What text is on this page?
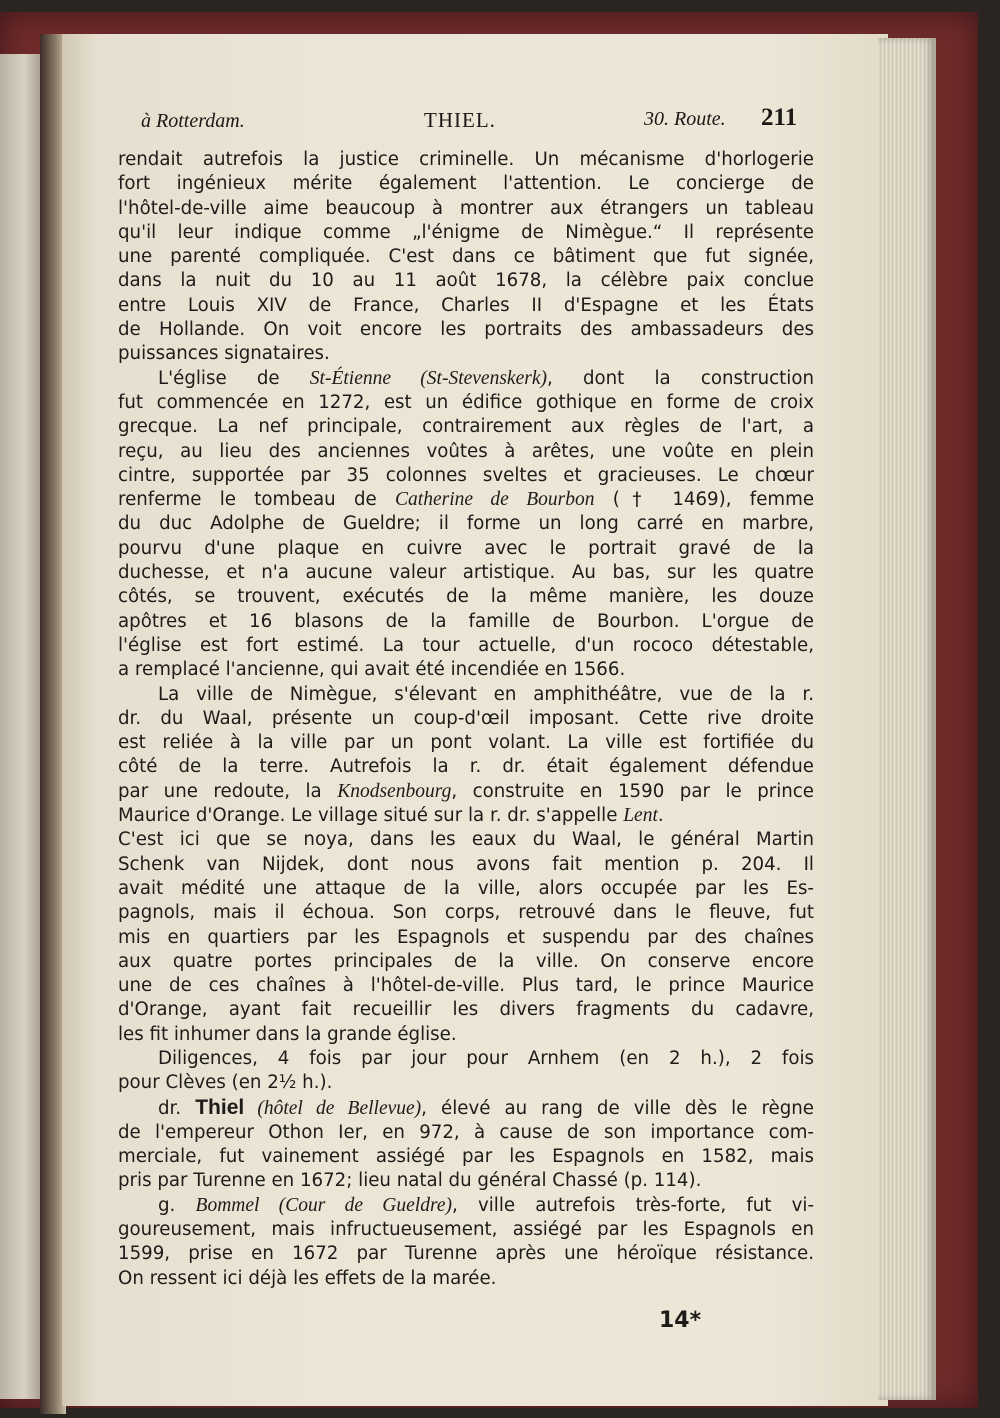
à Rotterdam.	THIEL.	30. Route. 211
rendait autrefois la justice criminelle. Un mécanisme d'horlogerie
fort ingénieux mérite également l'attention. Le concierge de
l'hôtel-de-ville aime beaucoup à montrer aux étrangers un tableau
qu'il leur indique comme „l'énigme de Nimègue.“ Il représente
une parenté compliquée. C'est dans ce bâtiment que fut signée,
dans la nuit du 10 au 11 août 1678, la célèbre paix conclue
entre Louis XIV de France, Charles II d'Espagne et les États
de Hollande. On voit encore les portraits des ambassadeurs des
puissances signataires.
L'église de St-Étienne (St-Stevenskerk), dont la construction
fut commencée en 1272, est un édifice gothique en forme de croix
grecque. La nef principale, contrairement aux règles de l'art, a
reçu, au lieu des anciennes voûtes à arêtes, une voûte en plein
cintre, supportée par 35 colonnes sveltes et gracieuses. Le chœur
renferme le tombeau de Catherine de Bourbon († 1469), femme
du duc Adolphe de Gueldre; il forme un long carré en marbre,
pourvu d'une plaque en cuivre avec le portrait gravé de la
duchesse, et n'a aucune valeur artistique. Au bas, sur les quatre
côtés, se trouvent, exécutés de la même manière, les douze
apôtres et 16 blasons de la famille de Bourbon. L'orgue de
l'église est fort estimé. La tour actuelle, d'un rococo détestable,
a remplacé l'ancienne, qui avait été incendiée en 1566.
La ville de Nimègue, s'élevant en amphithéâtre, vue de la r.
dr. du Waal, présente un coup-d'œil imposant. Cette rive droite
est reliée à la ville par un pont volant. La ville est fortifiée du
côté de la terre. Autrefois la r. dr. était également défendue
par une redoute, la Knodsenbourg, construite en 1590 par le prince
Maurice d'Orange. Le village situé sur la r. dr. s'appelle Lent.
C'est ici que se noya, dans les eaux du Waal, le général Martin
Schenk van Nijdek, dont nous avons fait mention p. 204. Il
avait médité une attaque de la ville, alors occupée par les Es-
pagnols, mais il échoua. Son corps, retrouvé dans le fleuve, fut
mis en quartiers par les Espagnols et suspendu par des chaînes
aux quatre portes principales de la ville. On conserve encore
une de ces chaînes à l'hôtel-de-ville. Plus tard, le prince Maurice
d'Orange, ayant fait recueillir les divers fragments du cadavre,
les fit inhumer dans la grande église.
Diligences, 4 fois par jour pour Arnhem (en 2 h.), 2 fois
pour Clèves (en 2½ h.).
dr. Thiel (hôtel de Bellevue), élevé au rang de ville dès le règne
de l'empereur Othon Ier, en 972, à cause de son importance com-
merciale, fut vainement assiégé par les Espagnols en 1582, mais
pris par Turenne en 1672; lieu natal du général Chassé (p. 114).
g. Bommel (Cour de Gueldre), ville autrefois très-forte, fut vi-
goureusement, mais infructueusement, assiégé par les Espagnols en
1599, prise en 1672 par Turenne après une héroïque résistance.
On ressent ici déjà les effets de la marée.
14*
